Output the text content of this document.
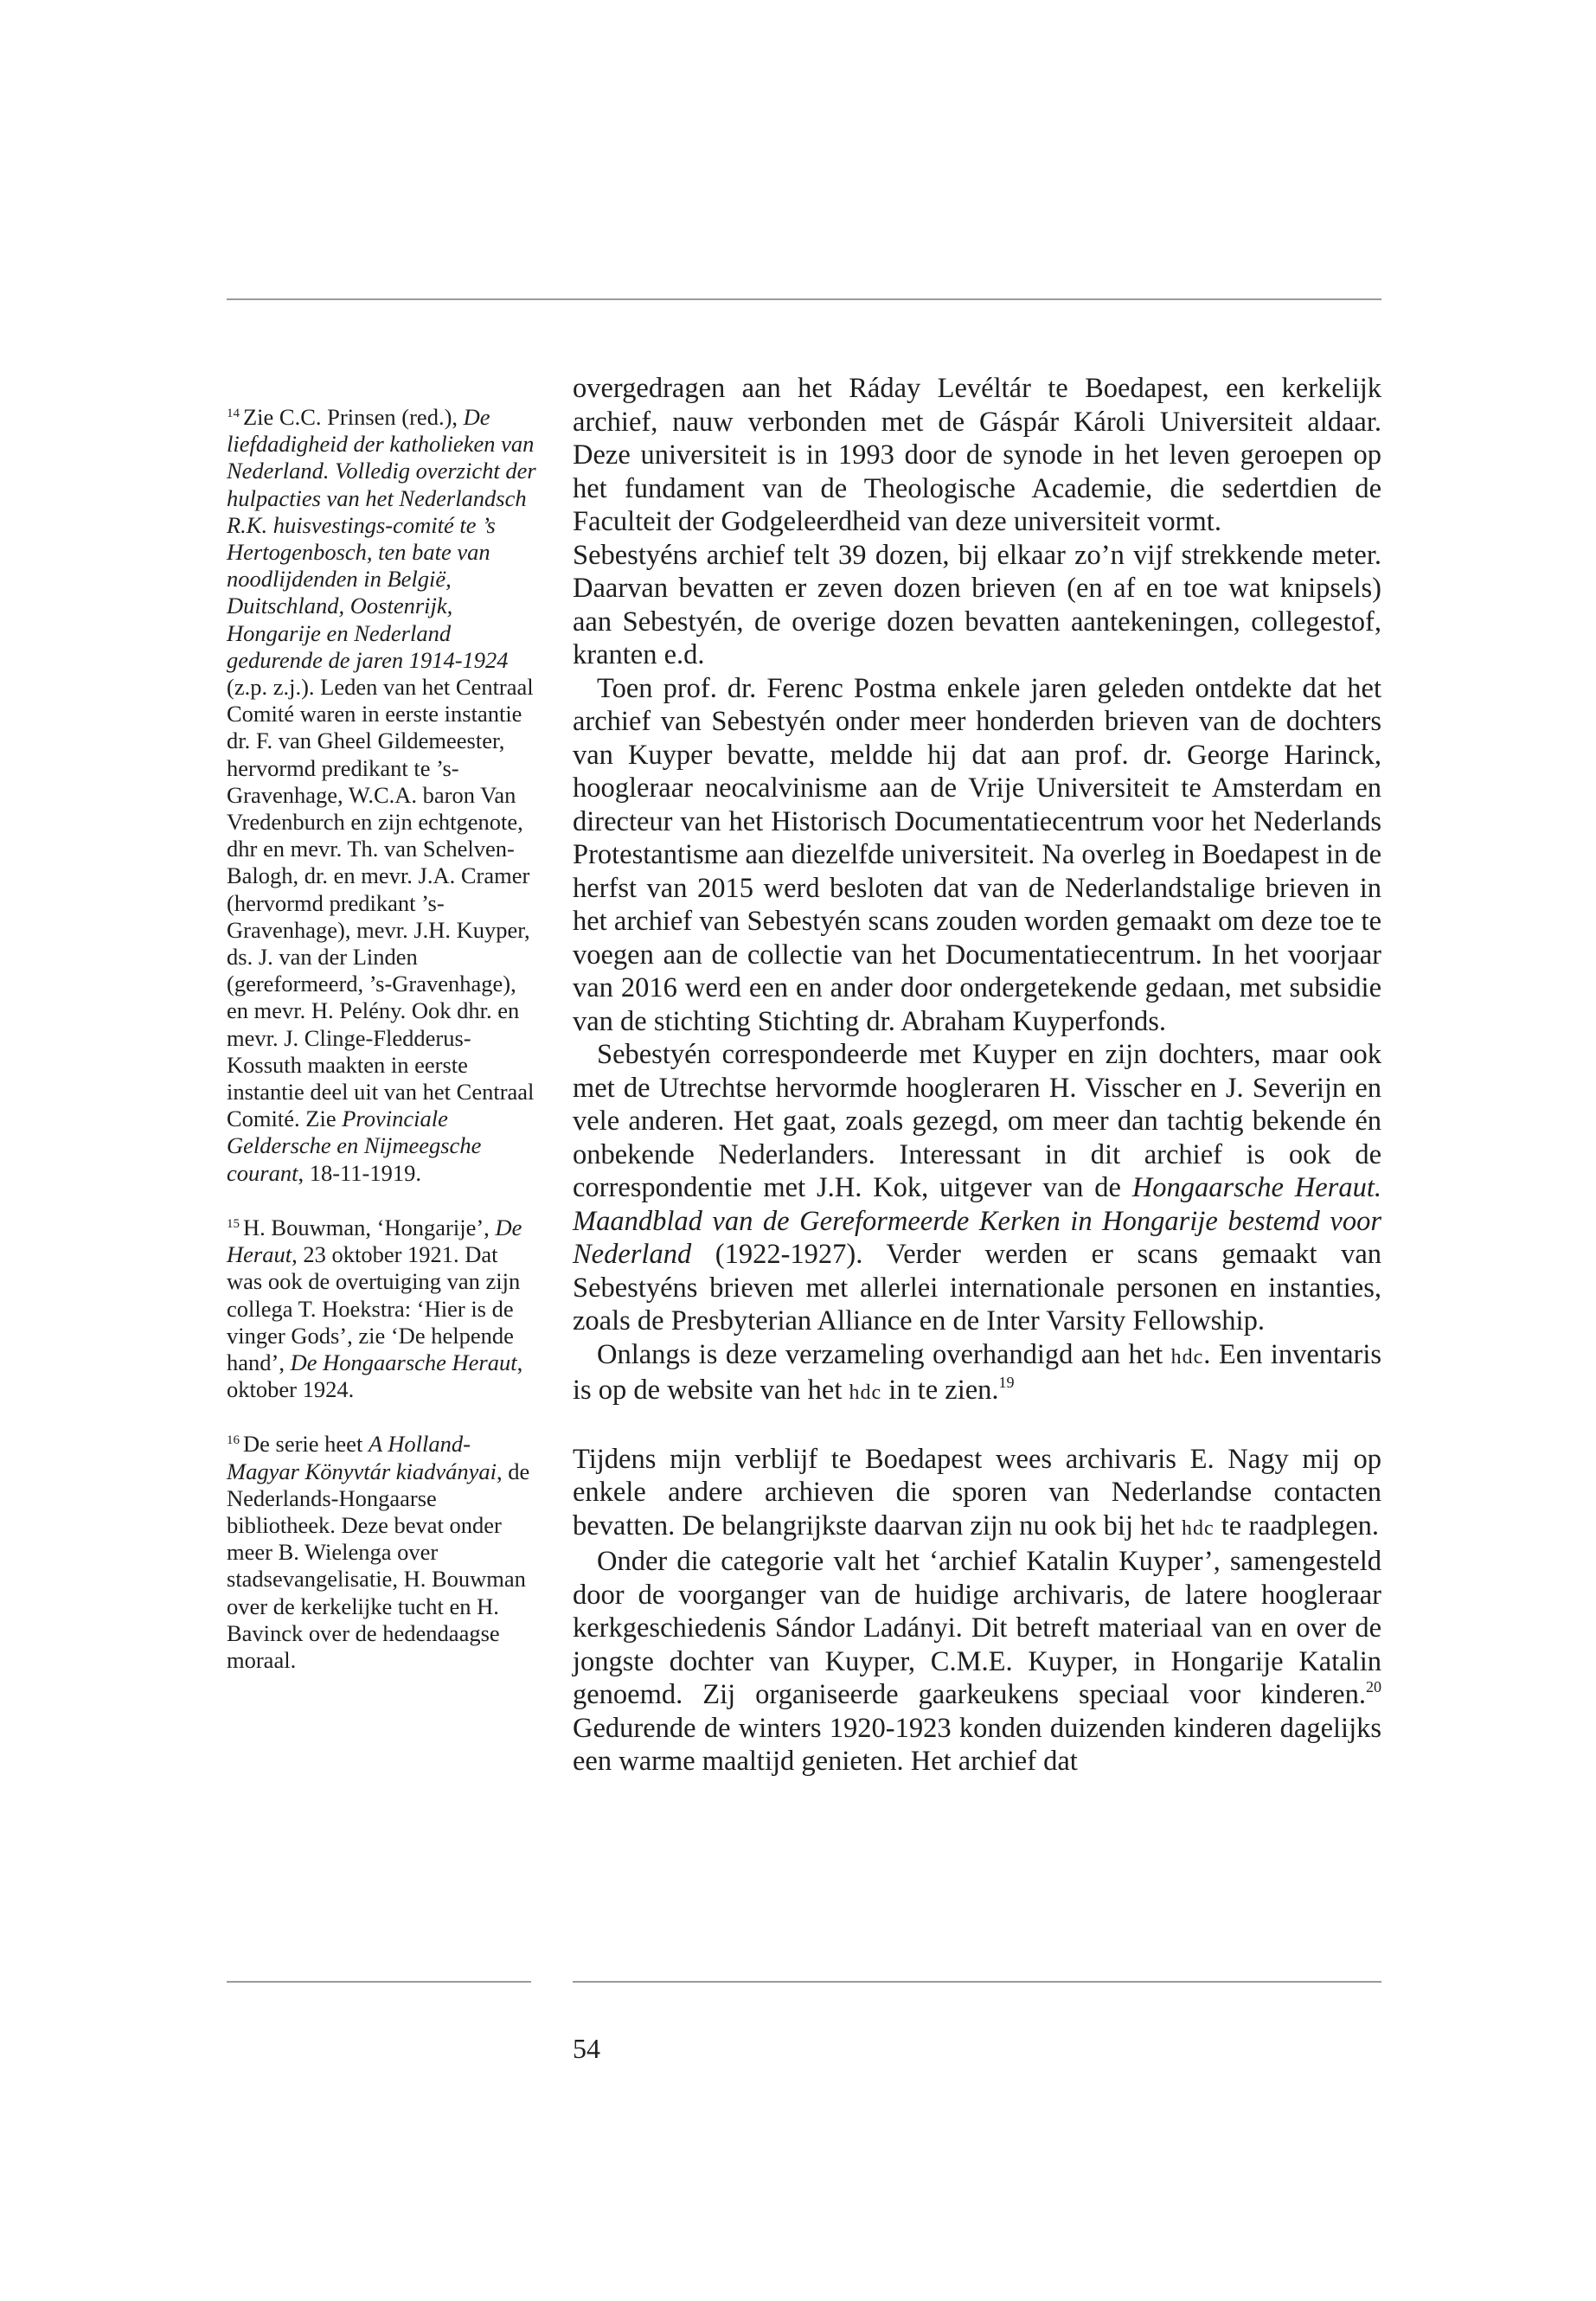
$^{14}$ Zie C.C. Prinsen (red.), De liefdadigheid der katholieken van Nederland. Volledig overzicht der hulpacties van het Nederlandsch R.K. huisvestings-comité te ’s Hertogenbosch, ten bate van noodlijdenden in België, Duitschland, Oostenrijk, Hongarije en Nederland gedurende de jaren 1914-1924 (z.p. z.j.). Leden van het Centraal Comité waren in eerste instantie dr. F. van Gheel Gildemeester, hervormd predikant te ’s-Gravenhage, W.C.A. baron Van Vredenburch en zijn echtgenote, dhr en mevr. Th. van Schelven-Balogh, dr. en mevr. J.A. Cramer (hervormd predikant ’s-Gravenhage), mevr. J.H. Kuyper, ds. J. van der Linden (gereformeerd, ’s-Gravenhage), en mevr. H. Pelény. Ook dhr. en mevr. J. Clinge-Fledderus-Kossuth maakten in eerste instantie deel uit van het Centraal Comité. Zie Provinciale Geldersche en Nijmeegsche courant, 18-11-1919.

$^{15}$ H. Bouwman, ‘Hongarije’, De Heraut, 23 oktober 1921. Dat was ook de overtuiging van zijn collega T. Hoekstra: ‘Hier is de vinger Gods’, zie ‘De helpende hand’, De Hongaarsche Heraut, oktober 1924.

$^{16}$ De serie heet A Holland-Magyar Könyvtár kiadványai, de Nederlands-Hongaarse bibliotheek. Deze bevat onder meer B. Wielenga over stadsevangelisatie, H. Bouwman over de kerkelijke tucht en H. Bavinck over de hedendaagse moraal.

overgedragen aan het Ráday Levéltár te Boedapest, een kerkelijk archief, nauw verbonden met de Gáspár Károli Universiteit aldaar. Deze universiteit is in 1993 door de synode in het leven geroepen op het fundament van de Theologische Academie, die sedertdien de Faculteit der Godgeleerdheid van deze universiteit vormt.

Sebestyéns archief telt 39 dozen, bij elkaar zo’n vijf strekkende meter. Daarvan bevatten er zeven dozen brieven (en af en toe wat knipsels) aan Sebestyén, de overige dozen bevatten aantekeningen, collegestof, kranten e.d.

Toen prof. dr. Ferenc Postma enkele jaren geleden ontdekte dat het archief van Sebestyén onder meer honderden brieven van de dochters van Kuyper bevatte, meldde hij dat aan prof. dr. George Harinck, hoogleraar neocalvinisme aan de Vrije Universiteit te Amsterdam en directeur van het Historisch Documentatiecentrum voor het Nederlands Protestantisme aan diezelfde universiteit. Na overleg in Boedapest in de herfst van 2015 werd besloten dat van de Nederlandstalige brieven in het archief van Sebestyén scans zouden worden gemaakt om deze toe te voegen aan de collectie van het Documentatiecentrum. In het voorjaar van 2016 werd een en ander door ondergetekende gedaan, met subsidie van de stichting Stichting dr. Abraham Kuyperfonds.

Sebestyén correspondeerde met Kuyper en zijn dochters, maar ook met de Utrechtse hervormde hoogleraren H. Visscher en J. Severijn en vele anderen. Het gaat, zoals gezegd, om meer dan tachtig bekende én onbekende Nederlanders. Interessant in dit archief is ook de correspondentie met J.H. Kok, uitgever van de Hongaarsche Heraut. Maandblad van de Gereformeerde Kerken in Hongarije bestemd voor Nederland (1922-1927). Verder werden er scans gemaakt van Sebestyéns brieven met allerlei internationale personen en instanties, zoals de Presbyterian Alliance en de Inter Varsity Fellowship.

Onlangs is deze verzameling overhandigd aan het hdc. Een inventaris is op de website van het hdc in te zien.$^{19}$

Tijdens mijn verblijf te Boedapest wees archivaris E. Nagy mij op enkele andere archieven die sporen van Nederlandse contacten bevatten. De belangrijkste daarvan zijn nu ook bij het hdc te raadplegen.

Onder die categorie valt het ‘archief Katalin Kuyper’, samengesteld door de voorganger van de huidige archivaris, de latere hoogleraar kerkgeschiedenis Sándor Ladányi. Dit betreft materiaal van en over de jongste dochter van Kuyper, C.M.E. Kuyper, in Hongarije Katalin genoemd. Zij organiseerde gaarkeukens speciaal voor kinderen.$^{20}$ Gedurende de winters 1920-1923 konden duizenden kinderen dagelijks een warme maaltijd genieten. Het archief dat

54
